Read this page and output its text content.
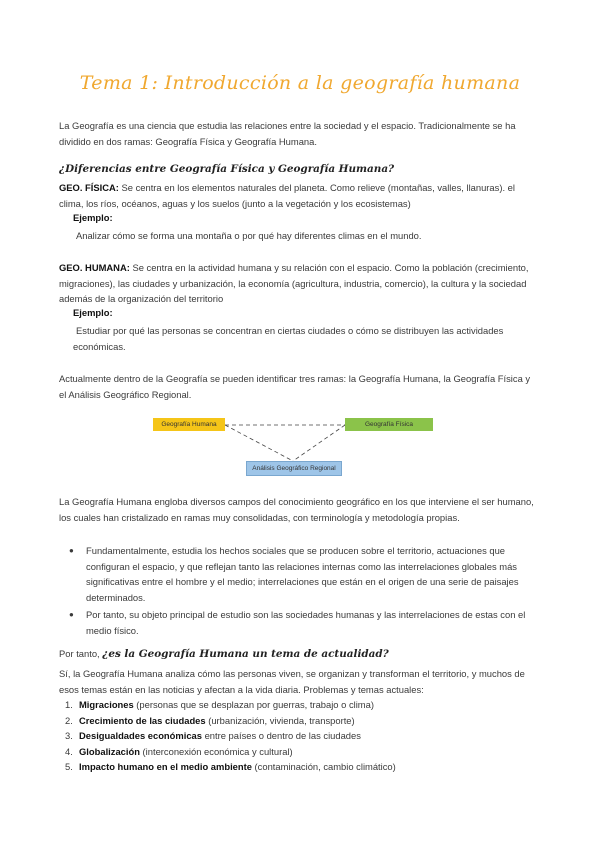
Tema 1: Introducción a la geografía humana

La Geografía es una ciencia que estudia las relaciones entre la sociedad y el espacio. Tradicionalmente se ha dividido en dos ramas: Geografía Física y Geografía Humana.

¿Diferencias entre Geografía Física y Geografía Humana?

GEO. FÍSICA: Se centra en los elementos naturales del planeta. Como relieve (montañas, valles, llanuras). el clima, los ríos, océanos, aguas y los suelos (junto a la vegetación y los ecosistemas)

Ejemplo:
Analizar cómo se forma una montaña o por qué hay diferentes climas en el mundo.

GEO. HUMANA: Se centra en la actividad humana y su relación con el espacio. Como la población (crecimiento, migraciones), las ciudades y urbanización, la economía (agricultura, industria, comercio), la cultura y la sociedad además de la organización del territorio

Ejemplo:
Estudiar por qué las personas se concentran en ciertas ciudades o cómo se distribuyen las actividades económicas.

Actualmente dentro de la Geografía se pueden identificar tres ramas: la Geografía Humana, la Geografía Física y el Análisis Geográfico Regional.

Geografía Humana	Geografía Física
Análisis Geográfico Regional

La Geografía Humana engloba diversos campos del conocimiento geográfico en los que interviene el ser humano, los cuales han cristalizado en ramas muy consolidadas, con terminología y metodología propias.

● Fundamentalmente, estudia los hechos sociales que se producen sobre el territorio, actuaciones que configuran el espacio, y que reflejan tanto las relaciones internas como las interrelaciones globales más significativas entre el hombre y el medio; interrelaciones que están en el origen de una serie de paisajes determinados.
● Por tanto, su objeto principal de estudio son las sociedades humanas y las interrelaciones de estas con el medio físico.
Por tanto, ¿es la Geografía Humana un tema de actualidad?

Sí, la Geografía Humana analiza cómo las personas viven, se organizan y transforman el territorio, y muchos de esos temas están en las noticias y afectan a la vida diaria. Problemas y temas actuales:

1. Migraciones (personas que se desplazan por guerras, trabajo o clima)
2. Crecimiento de las ciudades (urbanización, vivienda, transporte)
3. Desigualdades económicas entre países o dentro de las ciudades
4. Globalización (interconexión económica y cultural)
5. Impacto humano en el medio ambiente (contaminación, cambio climático)
